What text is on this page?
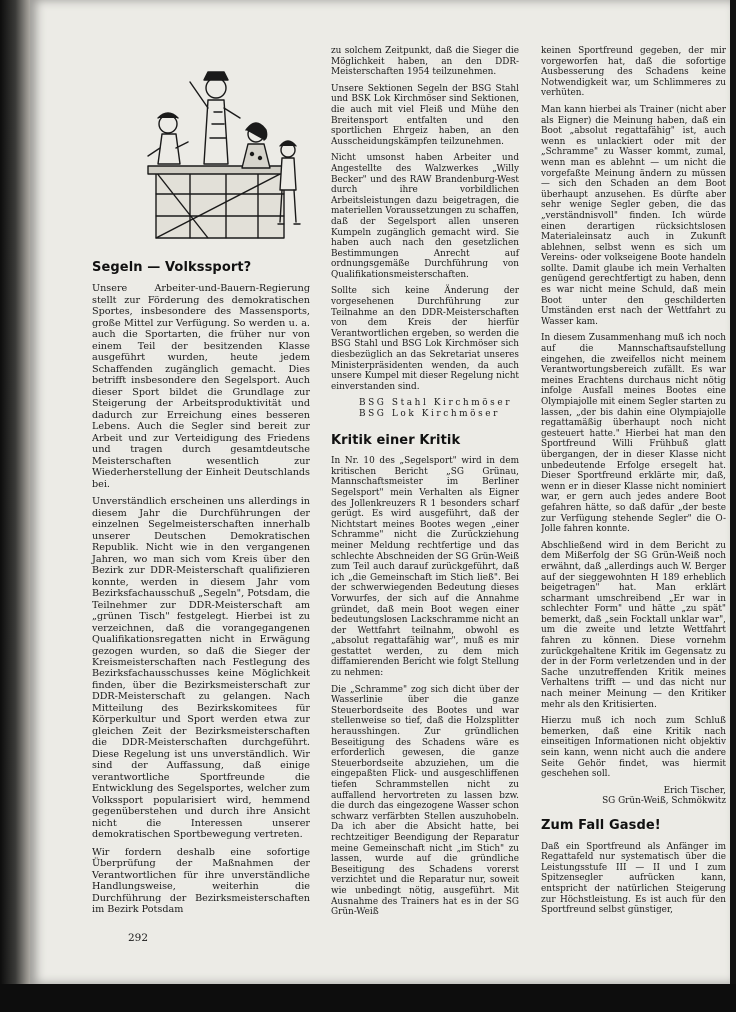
Segeln — Volkssport?

Unsere Arbeiter-und-Bauern-Regierung stellt zur Förderung des demokratischen Sportes, insbesondere des Massensports, große Mittel zur Verfügung. So werden u. a. auch die Sportarten, die früher nur von einem Teil der besitzenden Klasse ausgeführt wurden, heute jedem Schaffenden zugänglich gemacht. Dies betrifft insbesondere den Segelsport. Auch dieser Sport bildet die Grundlage zur Steigerung der Arbeitsproduktivität und dadurch zur Erreichung eines besseren Lebens. Auch die Segler sind bereit zur Arbeit und zur Verteidigung des Friedens und tragen durch gesamtdeutsche Meisterschaften wesentlich zur Wiederherstellung der Einheit Deutschlands bei.

Unverständlich erscheinen uns allerdings in diesem Jahr die Durchführungen der einzelnen Segelmeisterschaften innerhalb unserer Deutschen Demokratischen Republik. Nicht wie in den vergangenen Jahren, wo man sich vom Kreis über den Bezirk zur DDR-Meisterschaft qualifizieren konnte, werden in diesem Jahr vom Bezirksfachausschuß „Segeln", Potsdam, die Teilnehmer zur DDR-Meisterschaft am „grünen Tisch" festgelegt. Hierbei ist zu verzeichnen, daß die vorangegangenen Qualifikationsregatten nicht in Erwägung gezogen wurden, so daß die Sieger der Kreismeisterschaften nach Festlegung des Bezirksfachausschusses keine Möglichkeit finden, über die Bezirksmeisterschaft zur DDR-Meisterschaft zu gelangen. Nach Mitteilung des Bezirkskomitees für Körperkultur und Sport werden etwa zur gleichen Zeit der Bezirksmeisterschaften die DDR-Meisterschaften durchgeführt. Diese Regelung ist uns unverständlich. Wir sind der Auffassung, daß einige verantwortliche Sportfreunde die Entwicklung des Segelsportes, welcher zum Volkssport popularisiert wird, hemmend gegenüberstehen und durch ihre Ansicht nicht die Interessen unserer demokratischen Sportbewegung vertreten.

Wir fordern deshalb eine sofortige Überprüfung der Maßnahmen der Verantwortlichen für ihre unverständliche Handlungsweise, weiterhin die Durchführung der Bezirksmeisterschaften im Bezirk Potsdam

zu solchem Zeitpunkt, daß die Sieger die Möglichkeit haben, an den DDR-Meisterschaften 1954 teilzunehmen.

Unsere Sektionen Segeln der BSG Stahl und BSK Lok Kirchmöser sind Sektionen, die auch mit viel Fleiß und Mühe den Breitensport entfalten und den sportlichen Ehrgeiz haben, an den Ausscheidungskämpfen teilzunehmen.

Nicht umsonst haben Arbeiter und Angestellte des Walzwerkes „Willy Becker" und des RAW Brandenburg-West durch ihre vorbildlichen Arbeitsleistungen dazu beigetragen, die materiellen Voraussetzungen zu schaffen, daß der Segelsport allen unseren Kumpeln zugänglich gemacht wird. Sie haben auch nach den gesetzlichen Bestimmungen Anrecht auf ordnungsgemäße Durchführung von Qualifikationsmeisterschaften.

Sollte sich keine Änderung der vorgesehenen Durchführung zur Teilnahme an den DDR-Meisterschaften von dem Kreis der hierfür Verantwortlichen ergeben, so werden die BSG Stahl und BSG Lok Kirchmöser sich diesbezüglich an das Sekretariat unseres Ministerpräsidenten wenden, da auch unsere Kumpel mit dieser Regelung nicht einverstanden sind.

BSG Stahl Kirchmöser
BSG Lok Kirchmöser
Kritik einer Kritik

In Nr. 10 des „Segelsport" wird in dem kritischen Bericht „SG Grünau, Mannschaftsmeister im Berliner Segelsport" mein Verhalten als Eigner des Jollenkreuzers R 1 besonders scharf gerügt. Es wird ausgeführt, daß der Nichtstart meines Bootes wegen „einer Schramme" nicht die Zurückziehung meiner Meldung rechtfertige und das schlechte Abschneiden der SG Grün-Weiß zum Teil auch darauf zurückgeführt, daß ich „die Gemeinschaft im Stich ließ". Bei der schwerwiegenden Bedeutung dieses Vorwurfes, der sich auf die Annahme gründet, daß mein Boot wegen einer bedeutungslosen Lackschramme nicht an der Wettfahrt teilnahm, obwohl es „absolut regattafähig war", muß es mir gestattet werden, zu dem mich diffamierenden Bericht wie folgt Stellung zu nehmen:

Die „Schramme" zog sich dicht über der Wasserlinie über die ganze Steuerbordseite des Bootes und war stellenweise so tief, daß die Holzsplitter herausshingen. Zur gründlichen Beseitigung des Schadens wäre es erforderlich gewesen, die ganze Steuerbordseite abzuziehen, um die eingepaßten Flick- und ausgeschliffenen tiefen Schrammstellen nicht zu auffallend hervortreten zu lassen bzw. die durch das eingezogene Wasser schon schwarz verfärbten Stellen auszuhobeln. Da ich aber die Absicht hatte, bei rechtzeitiger Beendigung der Reparatur meine Gemeinschaft nicht „im Stich" zu lassen, wurde auf die gründliche Beseitigung des Schadens vorerst verzichtet und die Reparatur nur, soweit wie unbedingt nötig, ausgeführt. Mit Ausnahme des Trainers hat es in der SG Grün-Weiß

keinen Sportfreund gegeben, der mir vorgeworfen hat, daß die sofortige Ausbesserung des Schadens keine Notwendigkeit war, um Schlimmeres zu verhüten.

Man kann hierbei als Trainer (nicht aber als Eigner) die Meinung haben, daß ein Boot „absolut regattafähig" ist, auch wenn es unlackiert oder mit der „Schramme" zu Wasser kommt, zumal, wenn man es ablehnt — um nicht die vorgefaßte Meinung ändern zu müssen — sich den Schaden an dem Boot überhaupt anzusehen. Es dürfte aber sehr wenige Segler geben, die das „verständnisvoll" finden. Ich würde einen derartigen rücksichtslosen Materialeinsatz auch in Zukunft ablehnen, selbst wenn es sich um Vereins- oder volkseigene Boote handeln sollte. Damit glaube ich mein Verhalten genügend gerechtfertigt zu haben, denn es war nicht meine Schuld, daß mein Boot unter den geschilderten Umständen erst nach der Wettfahrt zu Wasser kam.

In diesem Zusammenhang muß ich noch auf die Mannschaftsaufstellung eingehen, die zweifellos nicht meinem Verantwortungsbereich zufällt. Es war meines Erachtens durchaus nicht nötig infolge Ausfall meines Bootes eine Olympiajolle mit einem Segler starten zu lassen, „der bis dahin eine Olympiajolle regattamäßig überhaupt noch nicht gesteuert hatte." Hierbei hat man den Sportfreund Willi Frühbuß glatt übergangen, der in dieser Klasse nicht unbedeutende Erfolge ersegelt hat. Dieser Sportfreund erklärte mir, daß, wenn er in dieser Klasse nicht nominiert war, er gern auch jedes andere Boot gefahren hätte, so daß dafür „der beste zur Verfügung stehende Segler" die O-Jolle fahren konnte.

Abschließend wird in dem Bericht zu dem Mißerfolg der SG Grün-Weiß noch erwähnt, daß „allerdings auch W. Berger auf der sieggewohnten H 189 erheblich beigetragen" hat. Man erklärt scharmant umschreibend „Er war in schlechter Form" und hätte „zu spät" bemerkt, daß „sein Focktall unklar war", um die zweite und letzte Wettfahrt fahren zu können. Diese vornehm zurückgehaltene Kritik im Gegensatz zu der in der Form verletzenden und in der Sache unzutreffenden Kritik meines Verhaltens trifft — und das nicht nur nach meiner Meinung — den Kritiker mehr als den Kritisierten.

Hierzu muß ich noch zum Schluß bemerken, daß eine Kritik nach einseitigen Informationen nicht objektiv sein kann, wenn nicht auch die andere Seite Gehör findet, was hiermit geschehen soll.

Erich Tischer,

SG Grün-Weiß, Schmökwitz

Zum Fall Gasde!

Daß ein Sportfreund als Anfänger im Regattafeld nur systematisch über die Leistungsstufe III — II und I zum Spitzensegler aufrücken kann, entspricht der natürlichen Steigerung zur Höchstleistung. Es ist auch für den Sportfreund selbst günstiger,

292
